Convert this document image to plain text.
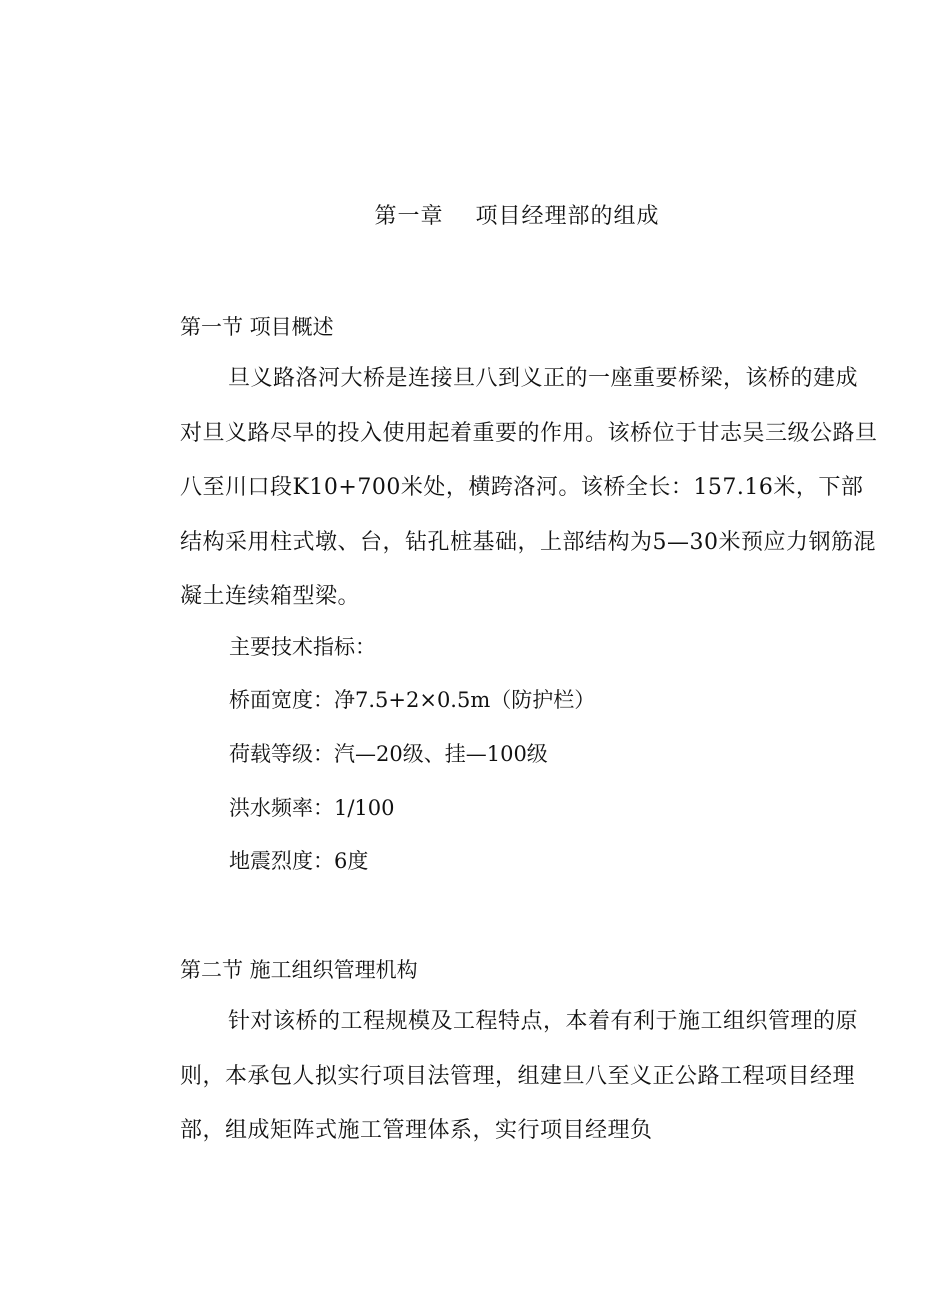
第一章    项目经理部的组成
第一节 项目概述

旦义路洛河大桥是连接旦八到义正的一座重要桥梁，该桥的建成对旦义路尽早的投入使用起着重要的作用。该桥位于甘志吴三级公路旦八至川口段K10+700米处，横跨洛河。该桥全长：157.16米，下部结构采用柱式墩、台，钻孔桩基础，上部结构为5—30米预应力钢筋混凝土连续箱型梁。

主要技术指标：
桥面宽度：净7.5+2×0.5m（防护栏）
荷载等级：汽—20级、挂—100级
洪水频率：1/100
地震烈度：6度
第二节 施工组织管理机构

针对该桥的工程规模及工程特点，本着有利于施工组织管理的原则，本承包人拟实行项目法管理，组建旦八至义正公路工程项目经理部，组成矩阵式施工管理体系，实行项目经理负
